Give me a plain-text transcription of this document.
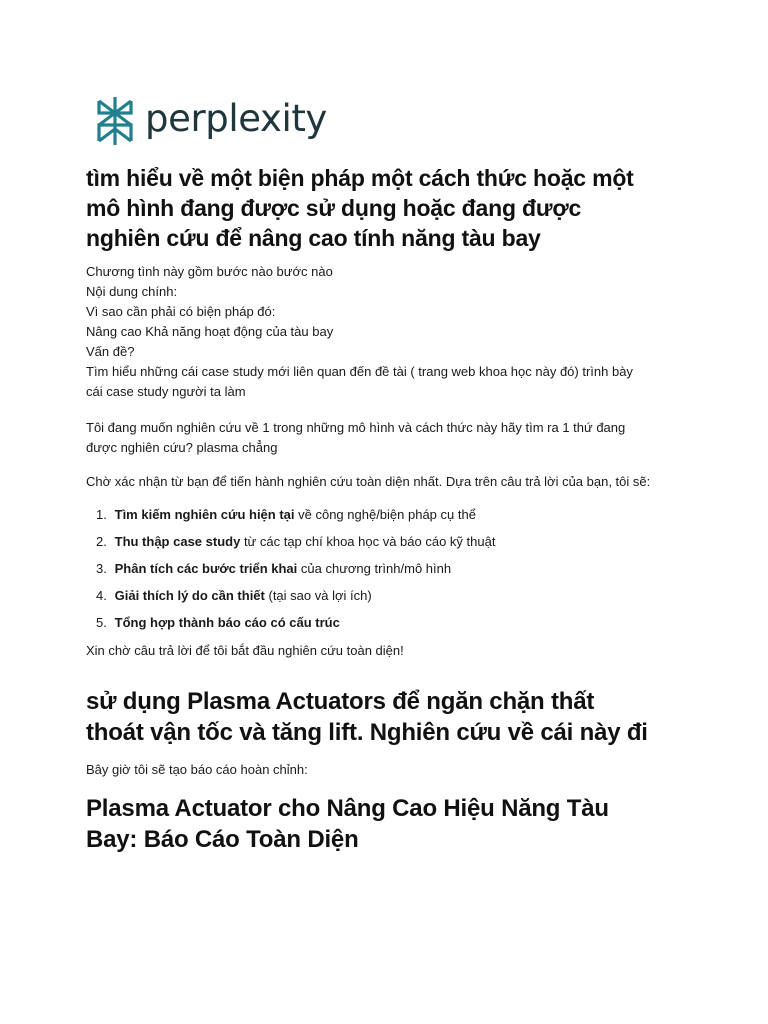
perplexity
tìm hiểu về một biện pháp một cách thức hoặc một
mô hình đang được sử dụng hoặc đang được
nghiên cứu để nâng cao tính năng tàu bay
Chương tình này gồm bước nào bước nào
Nội dung chính:
Vì sao cần phải có biện pháp đó:
Nâng cao Khả năng hoạt động của tàu bay
Vấn đề?
Tìm hiểu những cái case study mới liên quan đến đề tài ( trang web khoa học này đó) trình bày
cái case study người ta làm
Tôi đang muốn nghiên cứu về 1 trong những mô hình và cách thức này hãy tìm ra 1 thứ đang
được nghiên cứu? plasma chẳng
Chờ xác nhận từ bạn để tiến hành nghiên cứu toàn diện nhất. Dựa trên câu trả lời của bạn, tôi sẽ:
1. Tìm kiếm nghiên cứu hiện tại về công nghệ/biện pháp cụ thể
2. Thu thập case study từ các tạp chí khoa học và báo cáo kỹ thuật
3. Phân tích các bước triển khai của chương trình/mô hình
4. Giải thích lý do cần thiết (tại sao và lợi ích)
5. Tổng hợp thành báo cáo có cấu trúc
Xin chờ câu trả lời để tôi bắt đầu nghiên cứu toàn diện!
sử dụng Plasma Actuators để ngăn chặn thất
thoát vận tốc và tăng lift. Nghiên cứu về cái này đi
Bây giờ tôi sẽ tạo báo cáo hoàn chỉnh:
Plasma Actuator cho Nâng Cao Hiệu Năng Tàu
Bay: Báo Cáo Toàn Diện
